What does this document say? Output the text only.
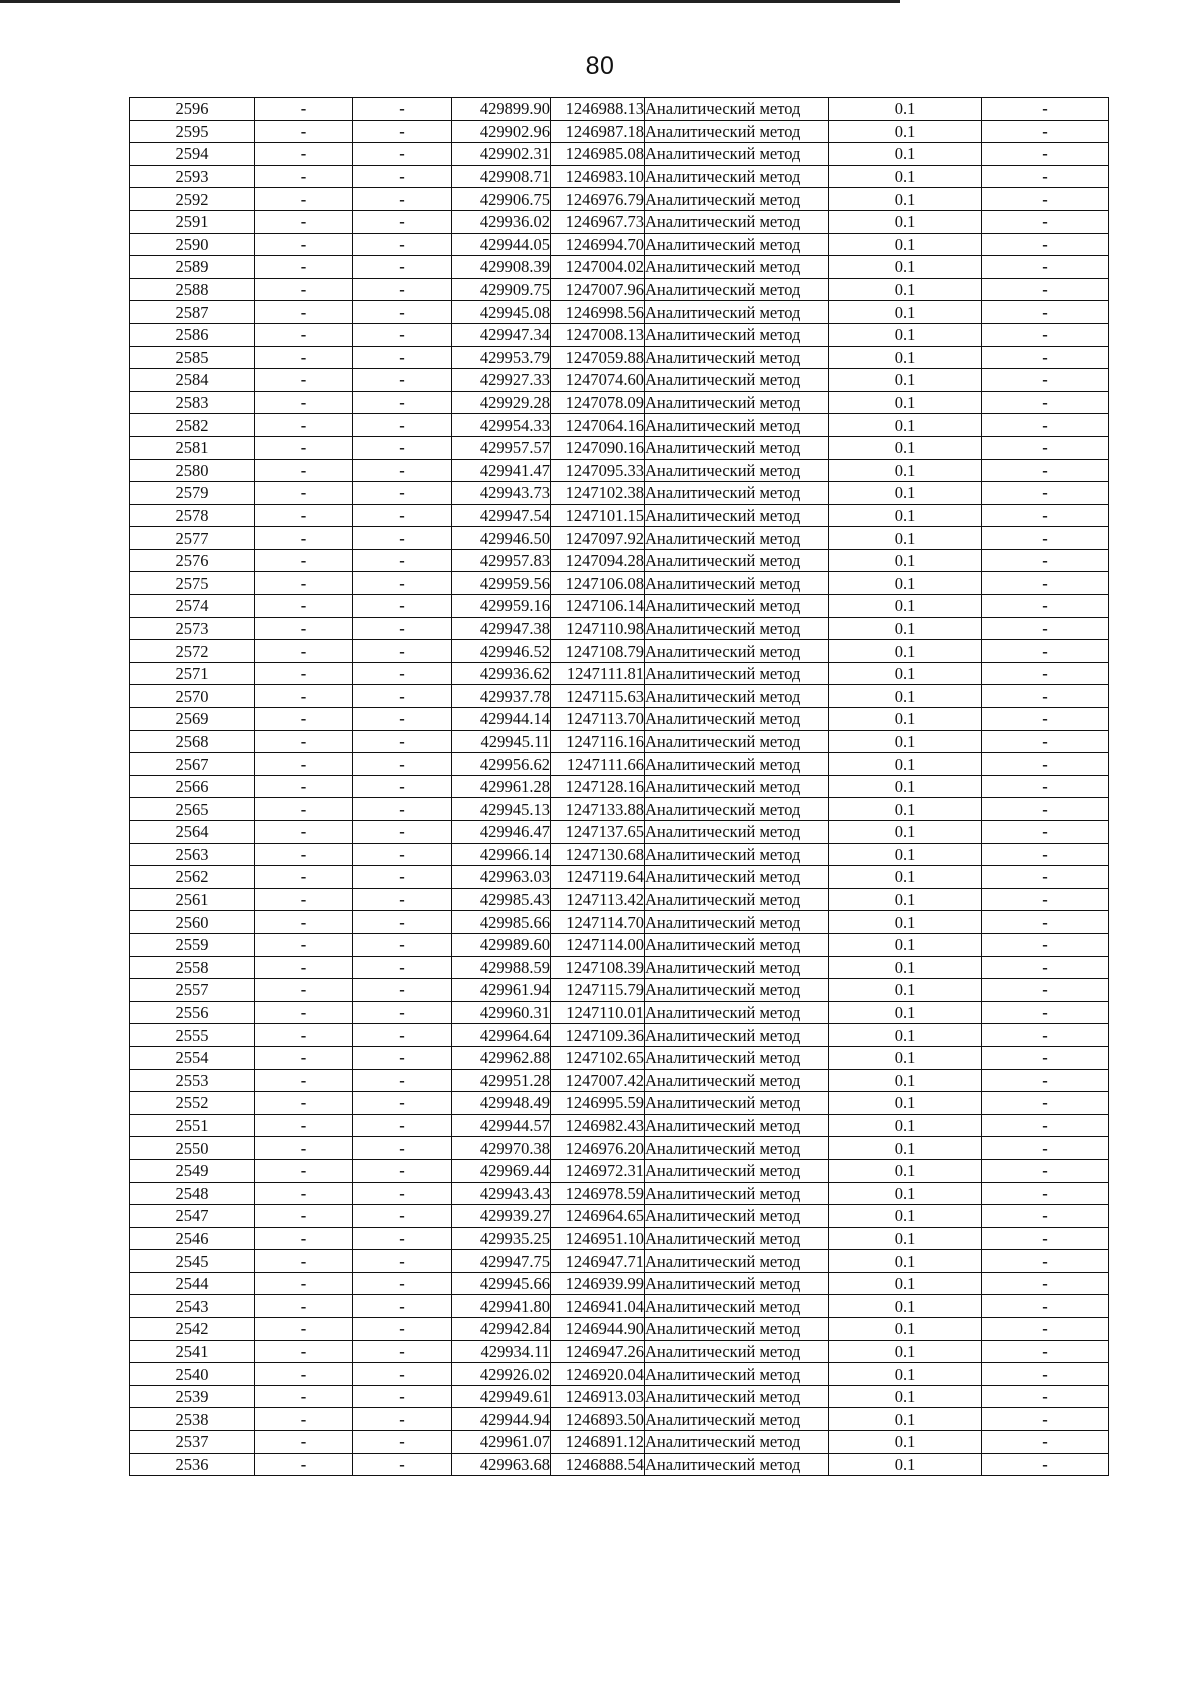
80
2596	-	-	429899.90	1246988.13	Аналитический метод	0.1	-
2595	-	-	429902.96	1246987.18	Аналитический метод	0.1	-
2594	-	-	429902.31	1246985.08	Аналитический метод	0.1	-
2593	-	-	429908.71	1246983.10	Аналитический метод	0.1	-
2592	-	-	429906.75	1246976.79	Аналитический метод	0.1	-
2591	-	-	429936.02	1246967.73	Аналитический метод	0.1	-
2590	-	-	429944.05	1246994.70	Аналитический метод	0.1	-
2589	-	-	429908.39	1247004.02	Аналитический метод	0.1	-
2588	-	-	429909.75	1247007.96	Аналитический метод	0.1	-
2587	-	-	429945.08	1246998.56	Аналитический метод	0.1	-
2586	-	-	429947.34	1247008.13	Аналитический метод	0.1	-
2585	-	-	429953.79	1247059.88	Аналитический метод	0.1	-
2584	-	-	429927.33	1247074.60	Аналитический метод	0.1	-
2583	-	-	429929.28	1247078.09	Аналитический метод	0.1	-
2582	-	-	429954.33	1247064.16	Аналитический метод	0.1	-
2581	-	-	429957.57	1247090.16	Аналитический метод	0.1	-
2580	-	-	429941.47	1247095.33	Аналитический метод	0.1	-
2579	-	-	429943.73	1247102.38	Аналитический метод	0.1	-
2578	-	-	429947.54	1247101.15	Аналитический метод	0.1	-
2577	-	-	429946.50	1247097.92	Аналитический метод	0.1	-
2576	-	-	429957.83	1247094.28	Аналитический метод	0.1	-
2575	-	-	429959.56	1247106.08	Аналитический метод	0.1	-
2574	-	-	429959.16	1247106.14	Аналитический метод	0.1	-
2573	-	-	429947.38	1247110.98	Аналитический метод	0.1	-
2572	-	-	429946.52	1247108.79	Аналитический метод	0.1	-
2571	-	-	429936.62	1247111.81	Аналитический метод	0.1	-
2570	-	-	429937.78	1247115.63	Аналитический метод	0.1	-
2569	-	-	429944.14	1247113.70	Аналитический метод	0.1	-
2568	-	-	429945.11	1247116.16	Аналитический метод	0.1	-
2567	-	-	429956.62	1247111.66	Аналитический метод	0.1	-
2566	-	-	429961.28	1247128.16	Аналитический метод	0.1	-
2565	-	-	429945.13	1247133.88	Аналитический метод	0.1	-
2564	-	-	429946.47	1247137.65	Аналитический метод	0.1	-
2563	-	-	429966.14	1247130.68	Аналитический метод	0.1	-
2562	-	-	429963.03	1247119.64	Аналитический метод	0.1	-
2561	-	-	429985.43	1247113.42	Аналитический метод	0.1	-
2560	-	-	429985.66	1247114.70	Аналитический метод	0.1	-
2559	-	-	429989.60	1247114.00	Аналитический метод	0.1	-
2558	-	-	429988.59	1247108.39	Аналитический метод	0.1	-
2557	-	-	429961.94	1247115.79	Аналитический метод	0.1	-
2556	-	-	429960.31	1247110.01	Аналитический метод	0.1	-
2555	-	-	429964.64	1247109.36	Аналитический метод	0.1	-
2554	-	-	429962.88	1247102.65	Аналитический метод	0.1	-
2553	-	-	429951.28	1247007.42	Аналитический метод	0.1	-
2552	-	-	429948.49	1246995.59	Аналитический метод	0.1	-
2551	-	-	429944.57	1246982.43	Аналитический метод	0.1	-
2550	-	-	429970.38	1246976.20	Аналитический метод	0.1	-
2549	-	-	429969.44	1246972.31	Аналитический метод	0.1	-
2548	-	-	429943.43	1246978.59	Аналитический метод	0.1	-
2547	-	-	429939.27	1246964.65	Аналитический метод	0.1	-
2546	-	-	429935.25	1246951.10	Аналитический метод	0.1	-
2545	-	-	429947.75	1246947.71	Аналитический метод	0.1	-
2544	-	-	429945.66	1246939.99	Аналитический метод	0.1	-
2543	-	-	429941.80	1246941.04	Аналитический метод	0.1	-
2542	-	-	429942.84	1246944.90	Аналитический метод	0.1	-
2541	-	-	429934.11	1246947.26	Аналитический метод	0.1	-
2540	-	-	429926.02	1246920.04	Аналитический метод	0.1	-
2539	-	-	429949.61	1246913.03	Аналитический метод	0.1	-
2538	-	-	429944.94	1246893.50	Аналитический метод	0.1	-
2537	-	-	429961.07	1246891.12	Аналитический метод	0.1	-
2536	-	-	429963.68	1246888.54	Аналитический метод	0.1	-
